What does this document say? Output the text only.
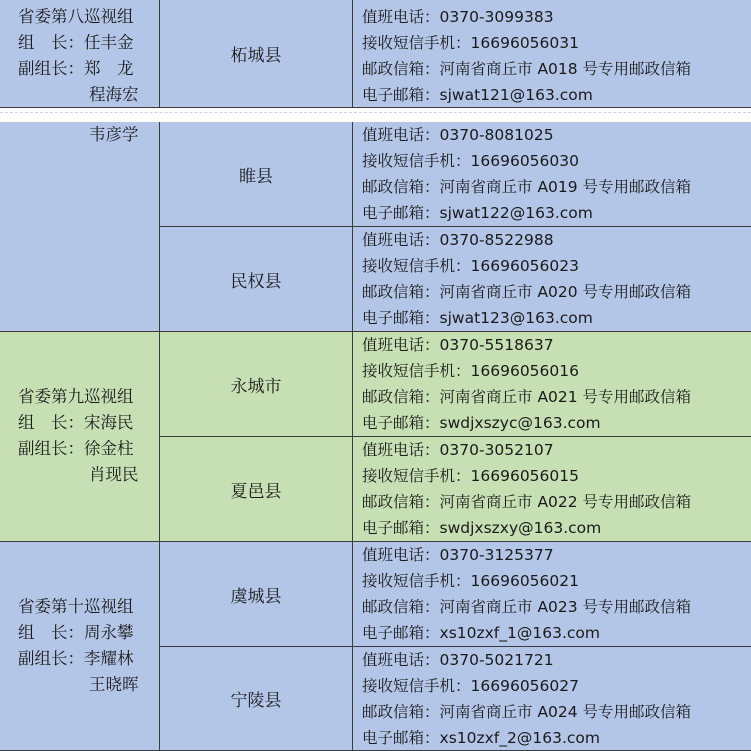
省委第八巡视组
组　长：任丰金
副组长：郑　龙
程海宏
柘城县
值班电话：0370-3099383
接收短信手机：16696056031
邮政信箱：河南省商丘市 A018 号专用邮政信箱
电子邮箱：sjwat121@163.com
韦彦学
睢县
值班电话：0370-8081025
接收短信手机：16696056030
邮政信箱：河南省商丘市 A019 号专用邮政信箱
电子邮箱：sjwat122@163.com
民权县
值班电话：0370-8522988
接收短信手机：16696056023
邮政信箱：河南省商丘市 A020 号专用邮政信箱
电子邮箱：sjwat123@163.com
省委第九巡视组
组　长：宋海民
副组长：徐金柱
肖现民
永城市
值班电话：0370-5518637
接收短信手机：16696056016
邮政信箱：河南省商丘市 A021 号专用邮政信箱
电子邮箱：swdjxszyc@163.com
夏邑县
值班电话：0370-3052107
接收短信手机：16696056015
邮政信箱：河南省商丘市 A022 号专用邮政信箱
电子邮箱：swdjxszxy@163.com
省委第十巡视组
组　长：周永攀
副组长：李耀林
王晓晖
虞城县
值班电话：0370-3125377
接收短信手机：16696056021
邮政信箱：河南省商丘市 A023 号专用邮政信箱
电子邮箱：xs10zxf_1@163.com
宁陵县
值班电话：0370-5021721
接收短信手机：16696056027
邮政信箱：河南省商丘市 A024 号专用邮政信箱
电子邮箱：xs10zxf_2@163.com
